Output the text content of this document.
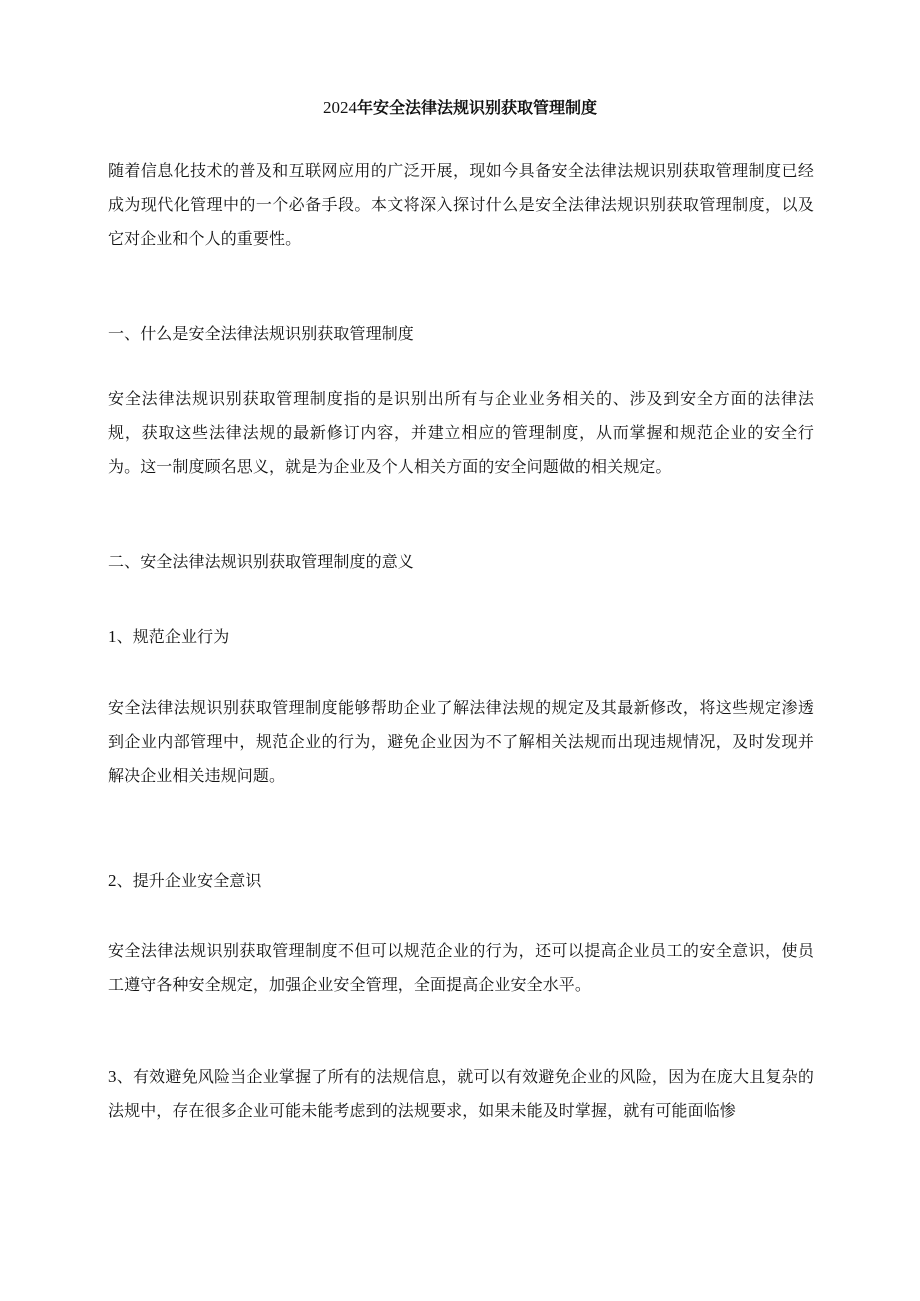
2024年安全法律法规识别获取管理制度

随着信息化技术的普及和互联网应用的广泛开展，现如今具备安全法律法规识别获取管理制度已经成为现代化管理中的一个必备手段。本文将深入探讨什么是安全法律法规识别获取管理制度，以及它对企业和个人的重要性。

一、什么是安全法律法规识别获取管理制度

安全法律法规识别获取管理制度指的是识别出所有与企业业务相关的、涉及到安全方面的法律法规，获取这些法律法规的最新修订内容，并建立相应的管理制度，从而掌握和规范企业的安全行为。这一制度顾名思义，就是为企业及个人相关方面的安全问题做的相关规定。

二、安全法律法规识别获取管理制度的意义

1、规范企业行为

安全法律法规识别获取管理制度能够帮助企业了解法律法规的规定及其最新修改，将这些规定渗透到企业内部管理中，规范企业的行为，避免企业因为不了解相关法规而出现违规情况，及时发现并解决企业相关违规问题。

2、提升企业安全意识

安全法律法规识别获取管理制度不但可以规范企业的行为，还可以提高企业员工的安全意识，使员工遵守各种安全规定，加强企业安全管理，全面提高企业安全水平。

3、有效避免风险当企业掌握了所有的法规信息，就可以有效避免企业的风险，因为在庞大且复杂的法规中，存在很多企业可能未能考虑到的法规要求，如果未能及时掌握，就有可能面临惨
